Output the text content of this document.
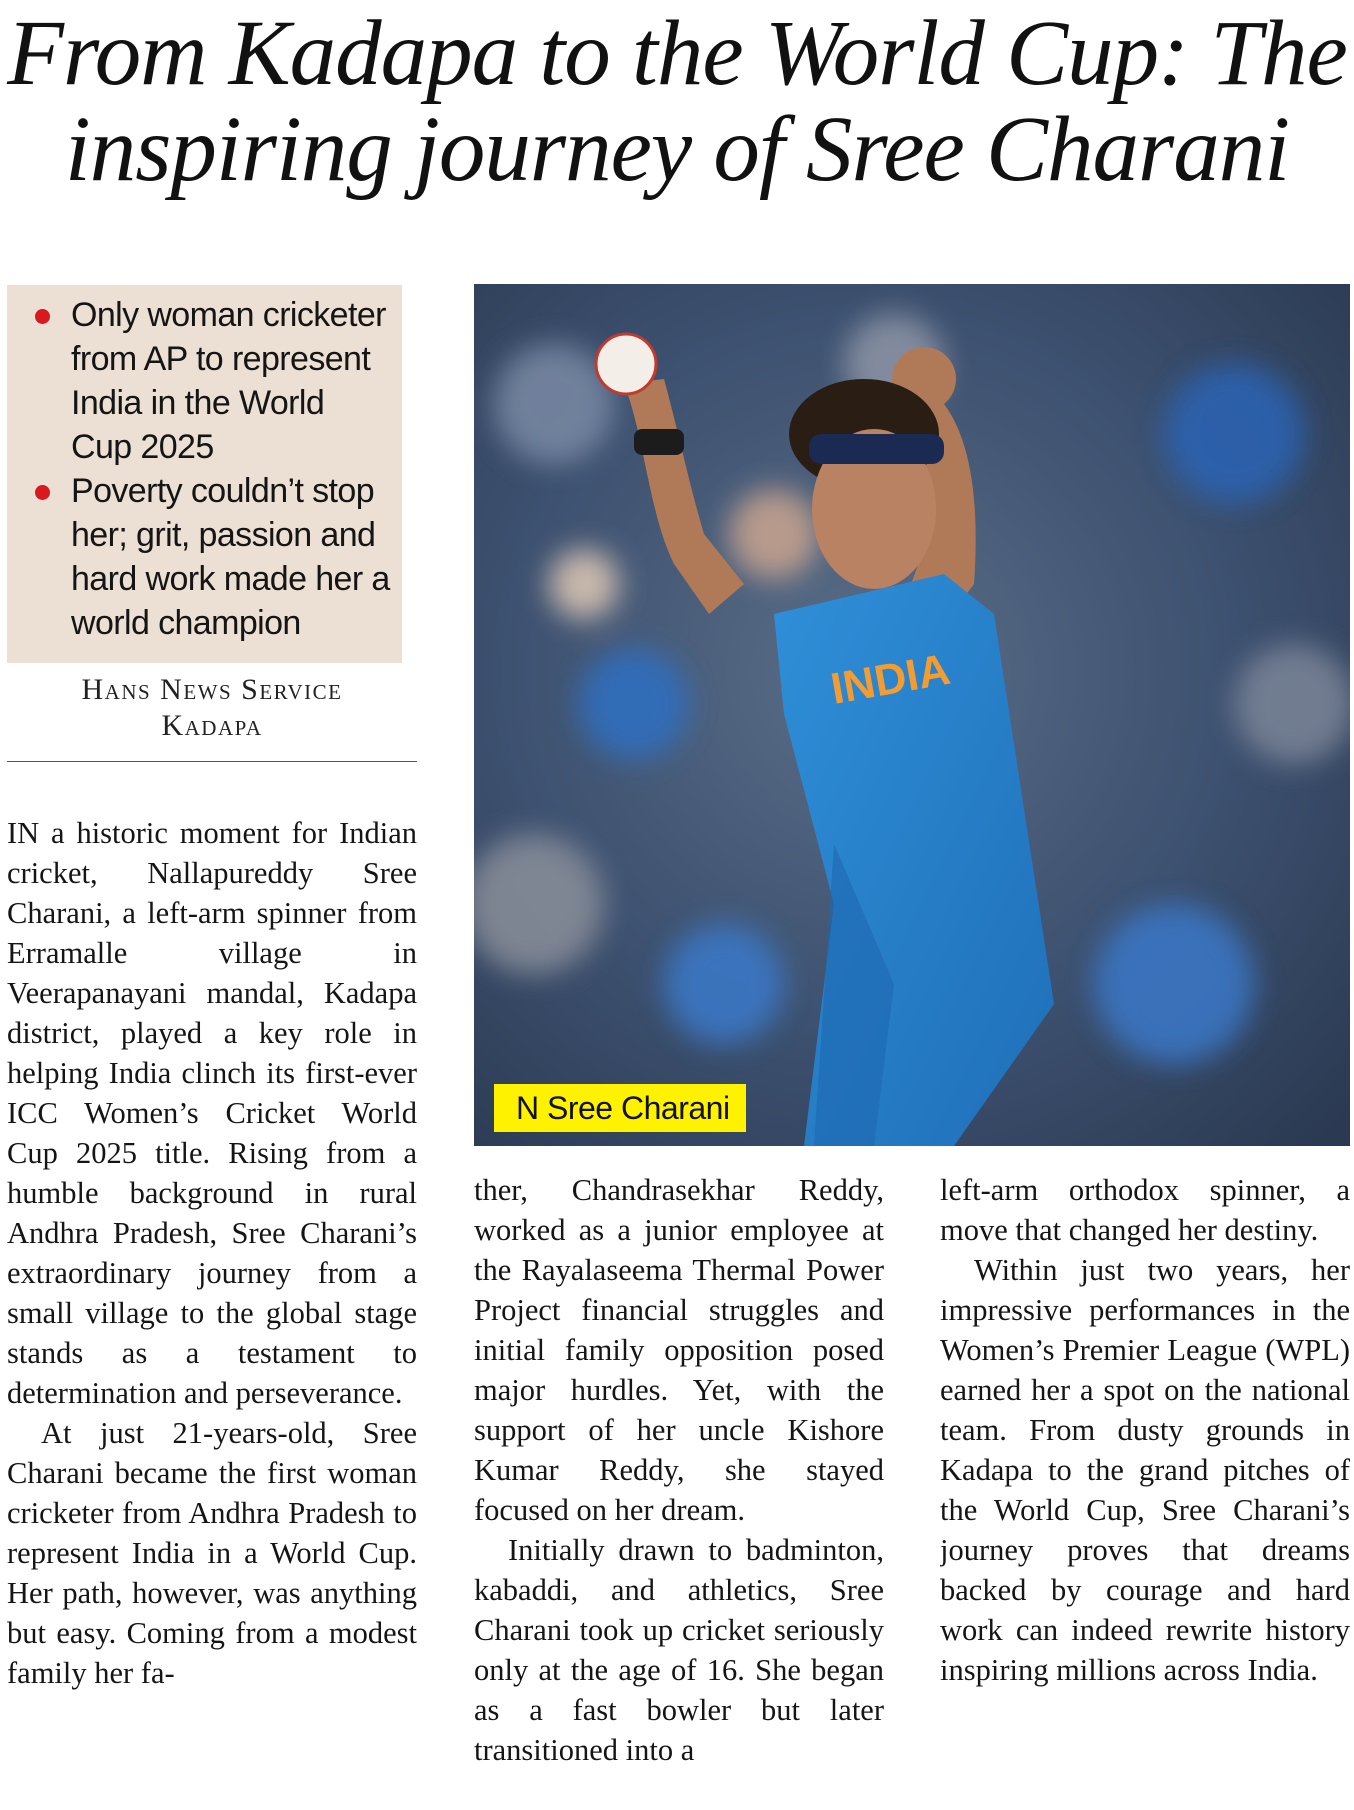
From Kadapa to the World Cup: The inspiring journey of Sree Charani
Only woman cricketer from AP to represent India in the World Cup 2025
Poverty couldn’t stop her; grit, passion and hard work made her a world champion
Hans News Service
Kadapa
INDIA
N Sree Charani

IN a historic moment for Indian cricket, Nallapureddy Sree Charani, a left-arm spinner from Erramalle village in Veerapanayani mandal, Kadapa district, played a key role in helping India clinch its first-ever ICC Women’s Cricket World Cup 2025 title. Rising from a humble background in rural Andhra Pradesh, Sree Charani’s extraordinary journey from a small village to the global stage stands as a testament to determination and perseverance.

At just 21-years-old, Sree Charani became the first woman cricketer from Andhra Pradesh to represent India in a World Cup. Her path, however, was anything but easy. Coming from a modest family her fa-

ther, Chandrasekhar Reddy, worked as a junior employee at the Rayalaseema Thermal Power Project financial struggles and initial family opposition posed major hurdles. Yet, with the support of her uncle Kishore Kumar Reddy, she stayed focused on her dream.

Initially drawn to badminton, kabaddi, and athletics, Sree Charani took up cricket seriously only at the age of 16. She began as a fast bowler but later transitioned into a

left-arm orthodox spinner, a move that changed her destiny.

Within just two years, her impressive performances in the Women’s Premier League (WPL) earned her a spot on the national team. From dusty grounds in Kadapa to the grand pitches of the World Cup, Sree Charani’s journey proves that dreams backed by courage and hard work can indeed rewrite history inspiring millions across India.
